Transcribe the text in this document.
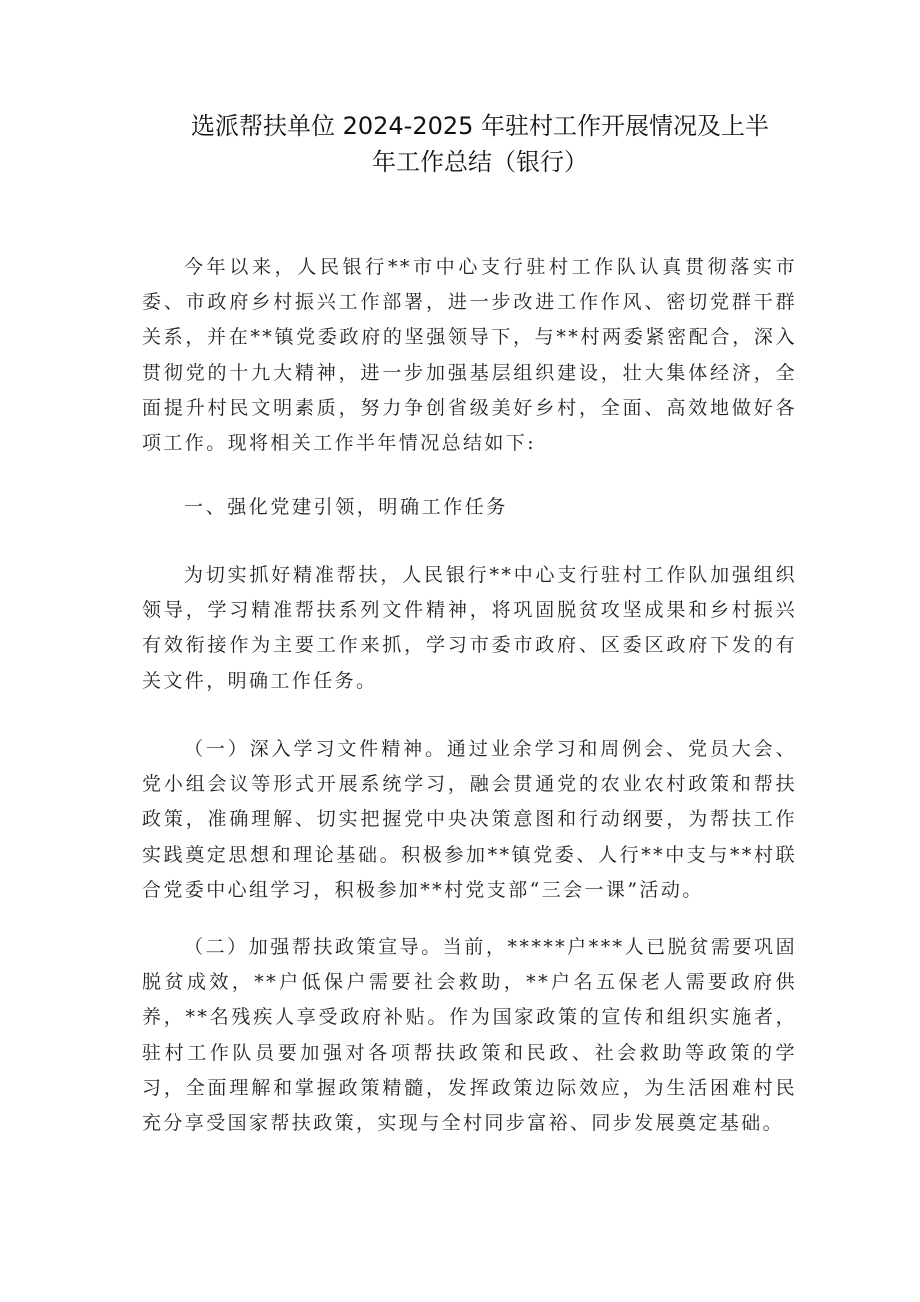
选派帮扶单位 2024-2025 年驻村工作开展情况及上半
年工作总结（银行）

今年以来，人民银行**市中心支行驻村工作队认真贯彻落实市委、市政府乡村振兴工作部署，进一步改进工作作风、密切党群干群关系，并在**镇党委政府的坚强领导下，与**村两委紧密配合，深入贯彻党的十九大精神，进一步加强基层组织建设，壮大集体经济，全面提升村民文明素质，努力争创省级美好乡村，全面、高效地做好各项工作。现将相关工作半年情况总结如下:

一、强化党建引领，明确工作任务

为切实抓好精准帮扶，人民银行**中心支行驻村工作队加强组织领导，学习精准帮扶系列文件精神，将巩固脱贫攻坚成果和乡村振兴有效衔接作为主要工作来抓，学习市委市政府、区委区政府下发的有关文件，明确工作任务。

（一）深入学习文件精神。通过业余学习和周例会、党员大会、党小组会议等形式开展系统学习，融会贯通党的农业农村政策和帮扶政策，准确理解、切实把握党中央决策意图和行动纲要，为帮扶工作实践奠定思想和理论基础。积极参加**镇党委、人行**中支与**村联合党委中心组学习，积极参加**村党支部“三会一课”活动。

（二）加强帮扶政策宣导。当前，*****户***人已脱贫需要巩固脱贫成效，**户低保户需要社会救助，**户名五保老人需要政府供养，**名残疾人享受政府补贴。作为国家政策的宣传和组织实施者，驻村工作队员要加强对各项帮扶政策和民政、社会救助等政策的学习，全面理解和掌握政策精髓，发挥政策边际效应，为生活困难村民充分享受国家帮扶政策，实现与全村同步富裕、同步发展奠定基础。
